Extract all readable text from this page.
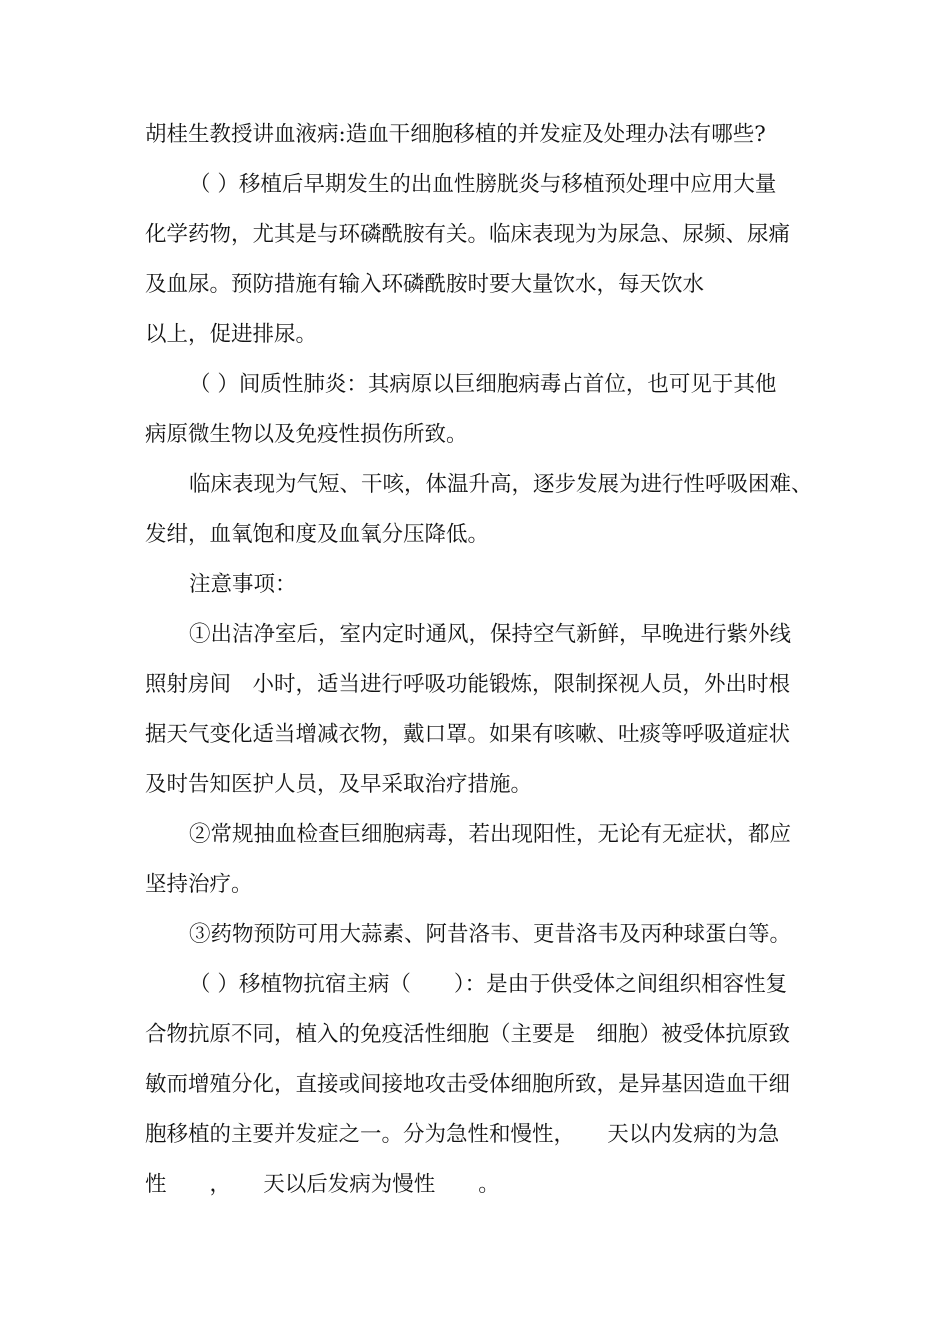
胡桂生教授讲血液病:造血干细胞移植的并发症及处理办法有哪些?

（ ）移植后早期发生的出血性膀胱炎与移植预处理中应用大量

化学药物，尤其是与环磷酰胺有关。临床表现为为尿急、尿频、尿痛

及血尿。预防措施有输入环磷酰胺时要大量饮水，每天饮水

以上，促进排尿。

（ ）间质性肺炎：其病原以巨细胞病毒占首位，也可见于其他

病原微生物以及免疫性损伤所致。

临床表现为气短、干咳，体温升高，逐步发展为进行性呼吸困难、

发绀，血氧饱和度及血氧分压降低。

注意事项：

①出洁净室后，室内定时通风，保持空气新鲜，早晚进行紫外线

照射房间　小时，适当进行呼吸功能锻炼，限制探视人员，外出时根

据天气变化适当增减衣物，戴口罩。如果有咳嗽、吐痰等呼吸道症状

及时告知医护人员，及早采取治疗措施。

②常规抽血检查巨细胞病毒，若出现阳性，无论有无症状，都应

坚持治疗。

③药物预防可用大蒜素、阿昔洛韦、更昔洛韦及丙种球蛋白等。

（ ）移植物抗宿主病（　　）：是由于供受体之间组织相容性复

合物抗原不同，植入的免疫活性细胞（主要是　细胞）被受体抗原致

敏而增殖分化，直接或间接地攻击受体细胞所致，是异基因造血干细

胞移植的主要并发症之一。分为急性和慢性，　　天以内发病的为急

性　　，　　天以后发病为慢性　　。
